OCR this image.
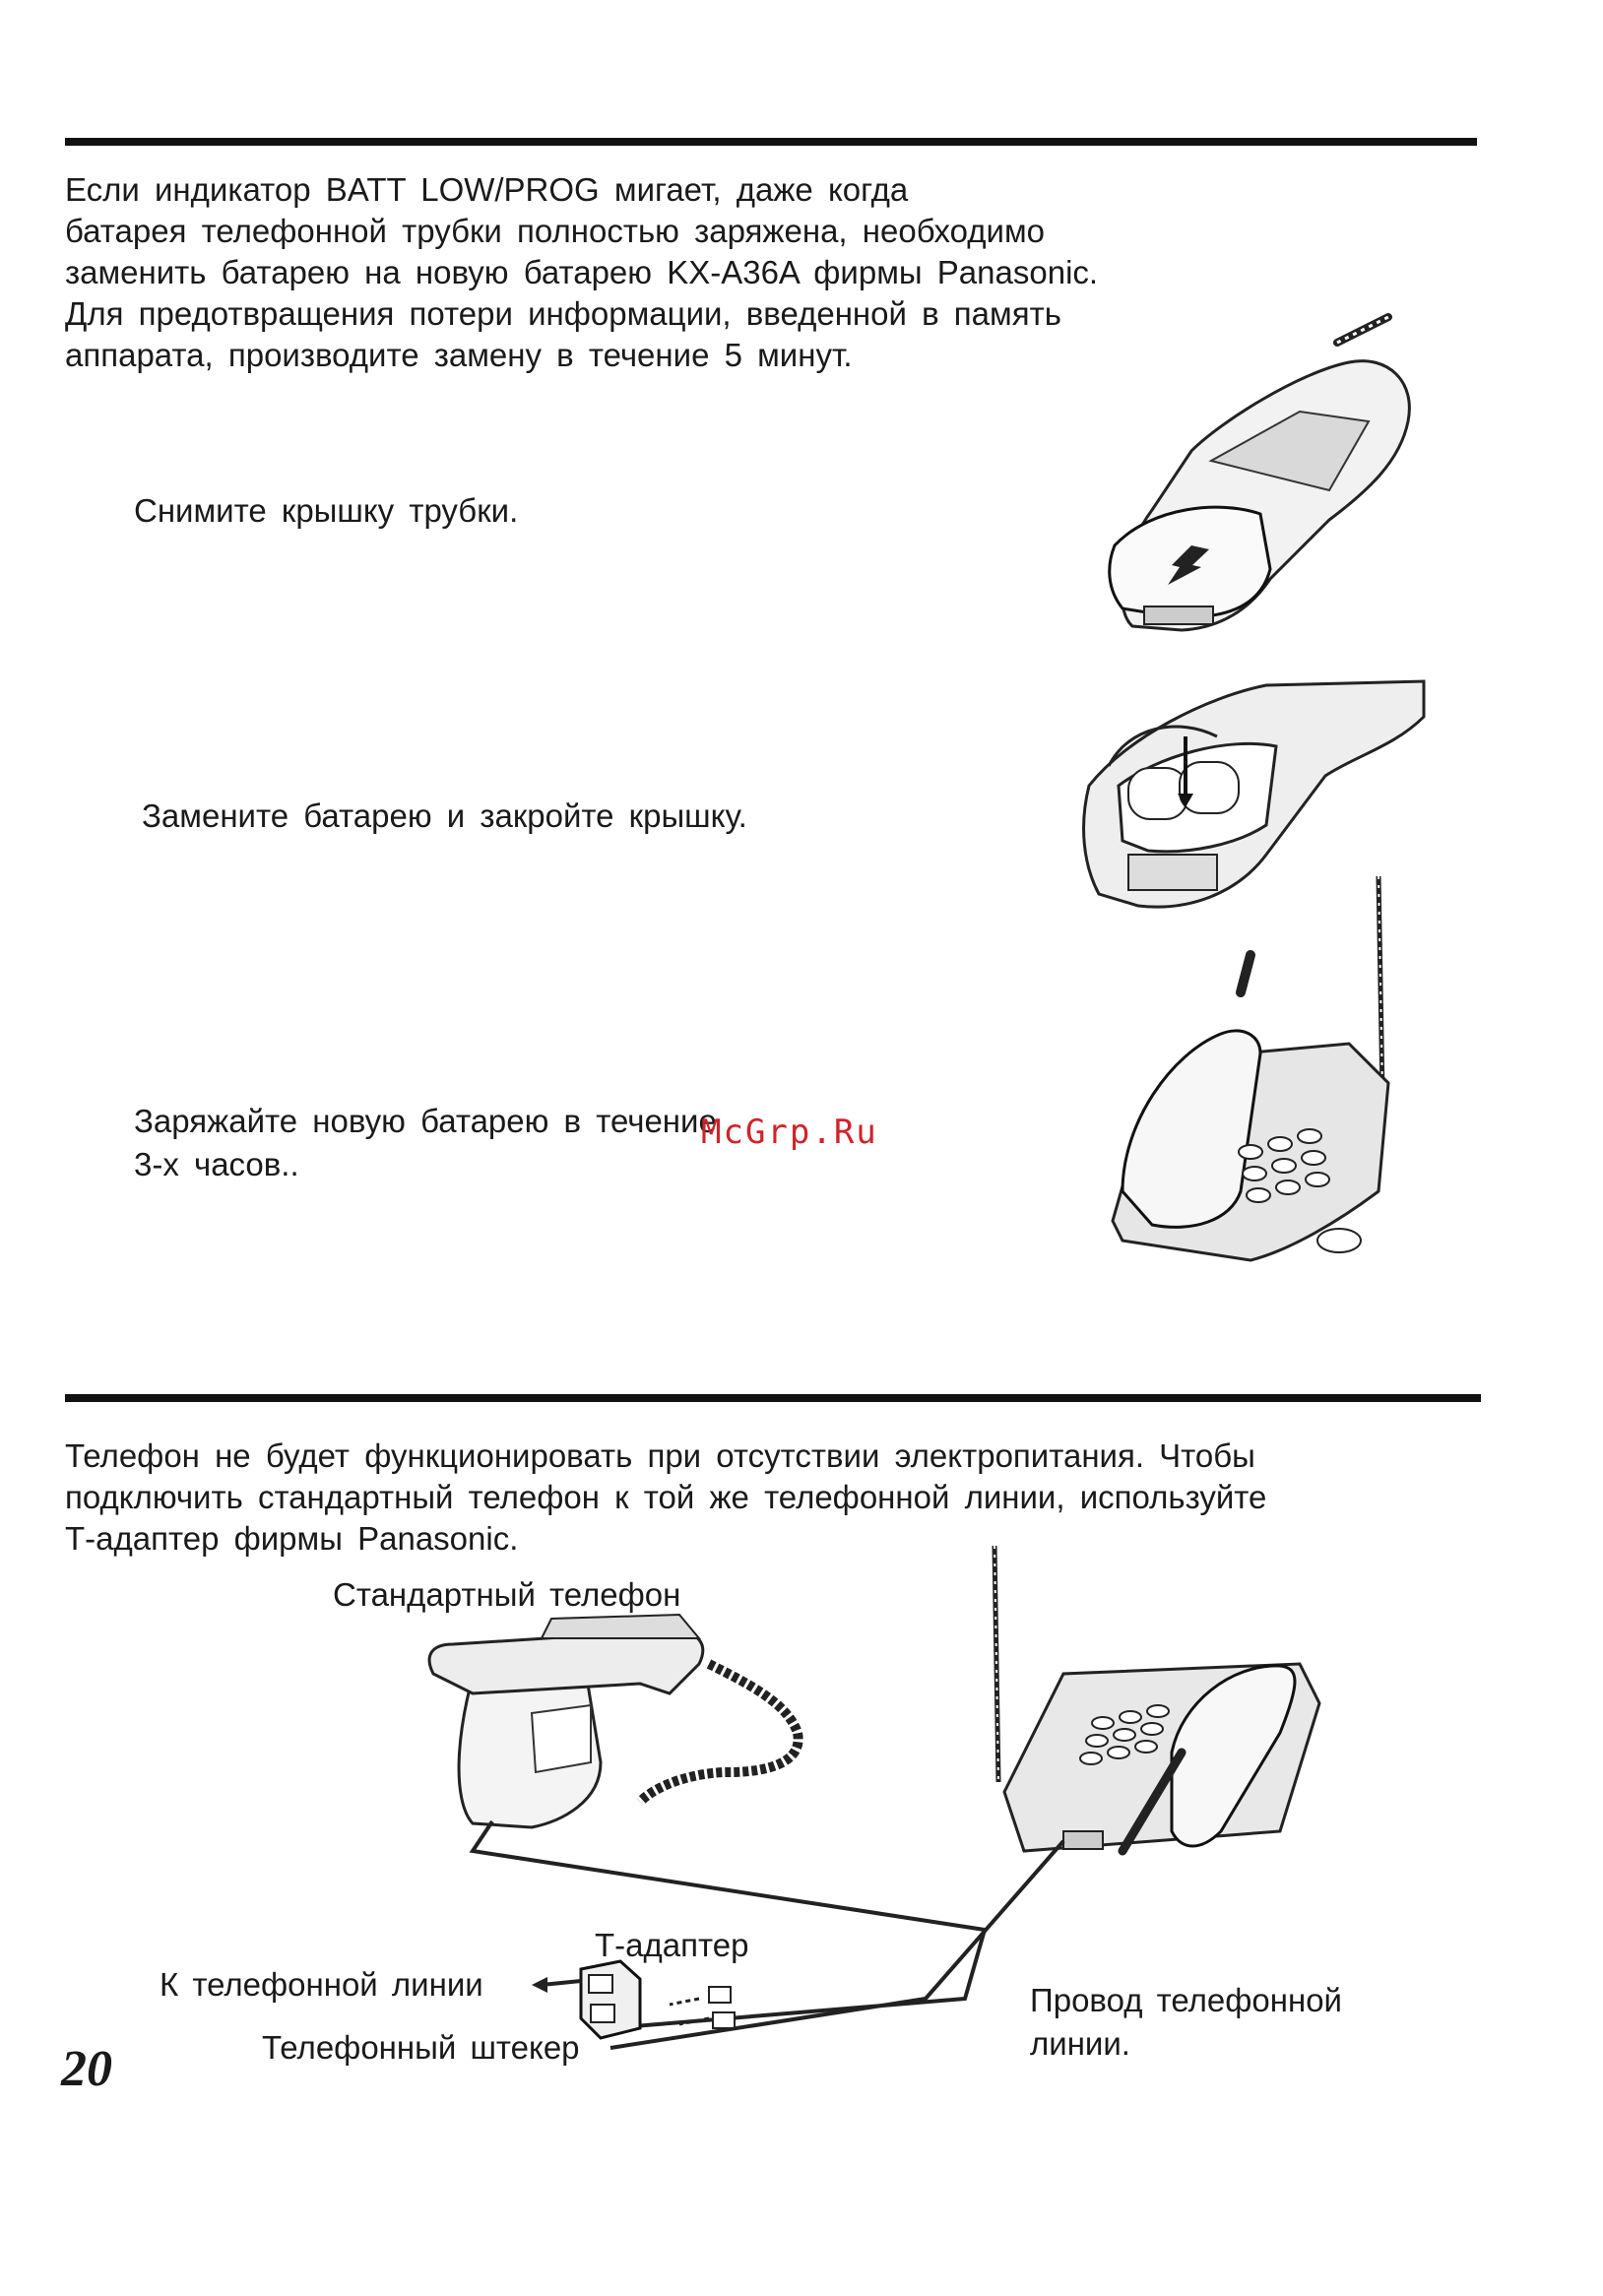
Если индикатор BATT LOW/PROG мигает, даже когда
батарея телефонной трубки полностью заряжена, необходимо
заменить батарею на новую батарею KX-A36A фирмы Panasonic.
Для предотвращения потери информации, введенной в память
аппарата, производите замену в течение 5 минут.
Снимите крышку трубки.
Замените батарею и закройте крышку.
Заряжайте новую батарею в течение
3-х часов..
McGrp.Ru
Телефон не будет функционировать при отсутствии электропитания. Чтобы
подключить стандартный телефон к той же телефонной линии, используйте
Т-адаптер фирмы Panasonic.
Стандартный телефон
Т-адаптер
К телефонной линии
Телефонный штекер
Провод телефонной
линии.
20
